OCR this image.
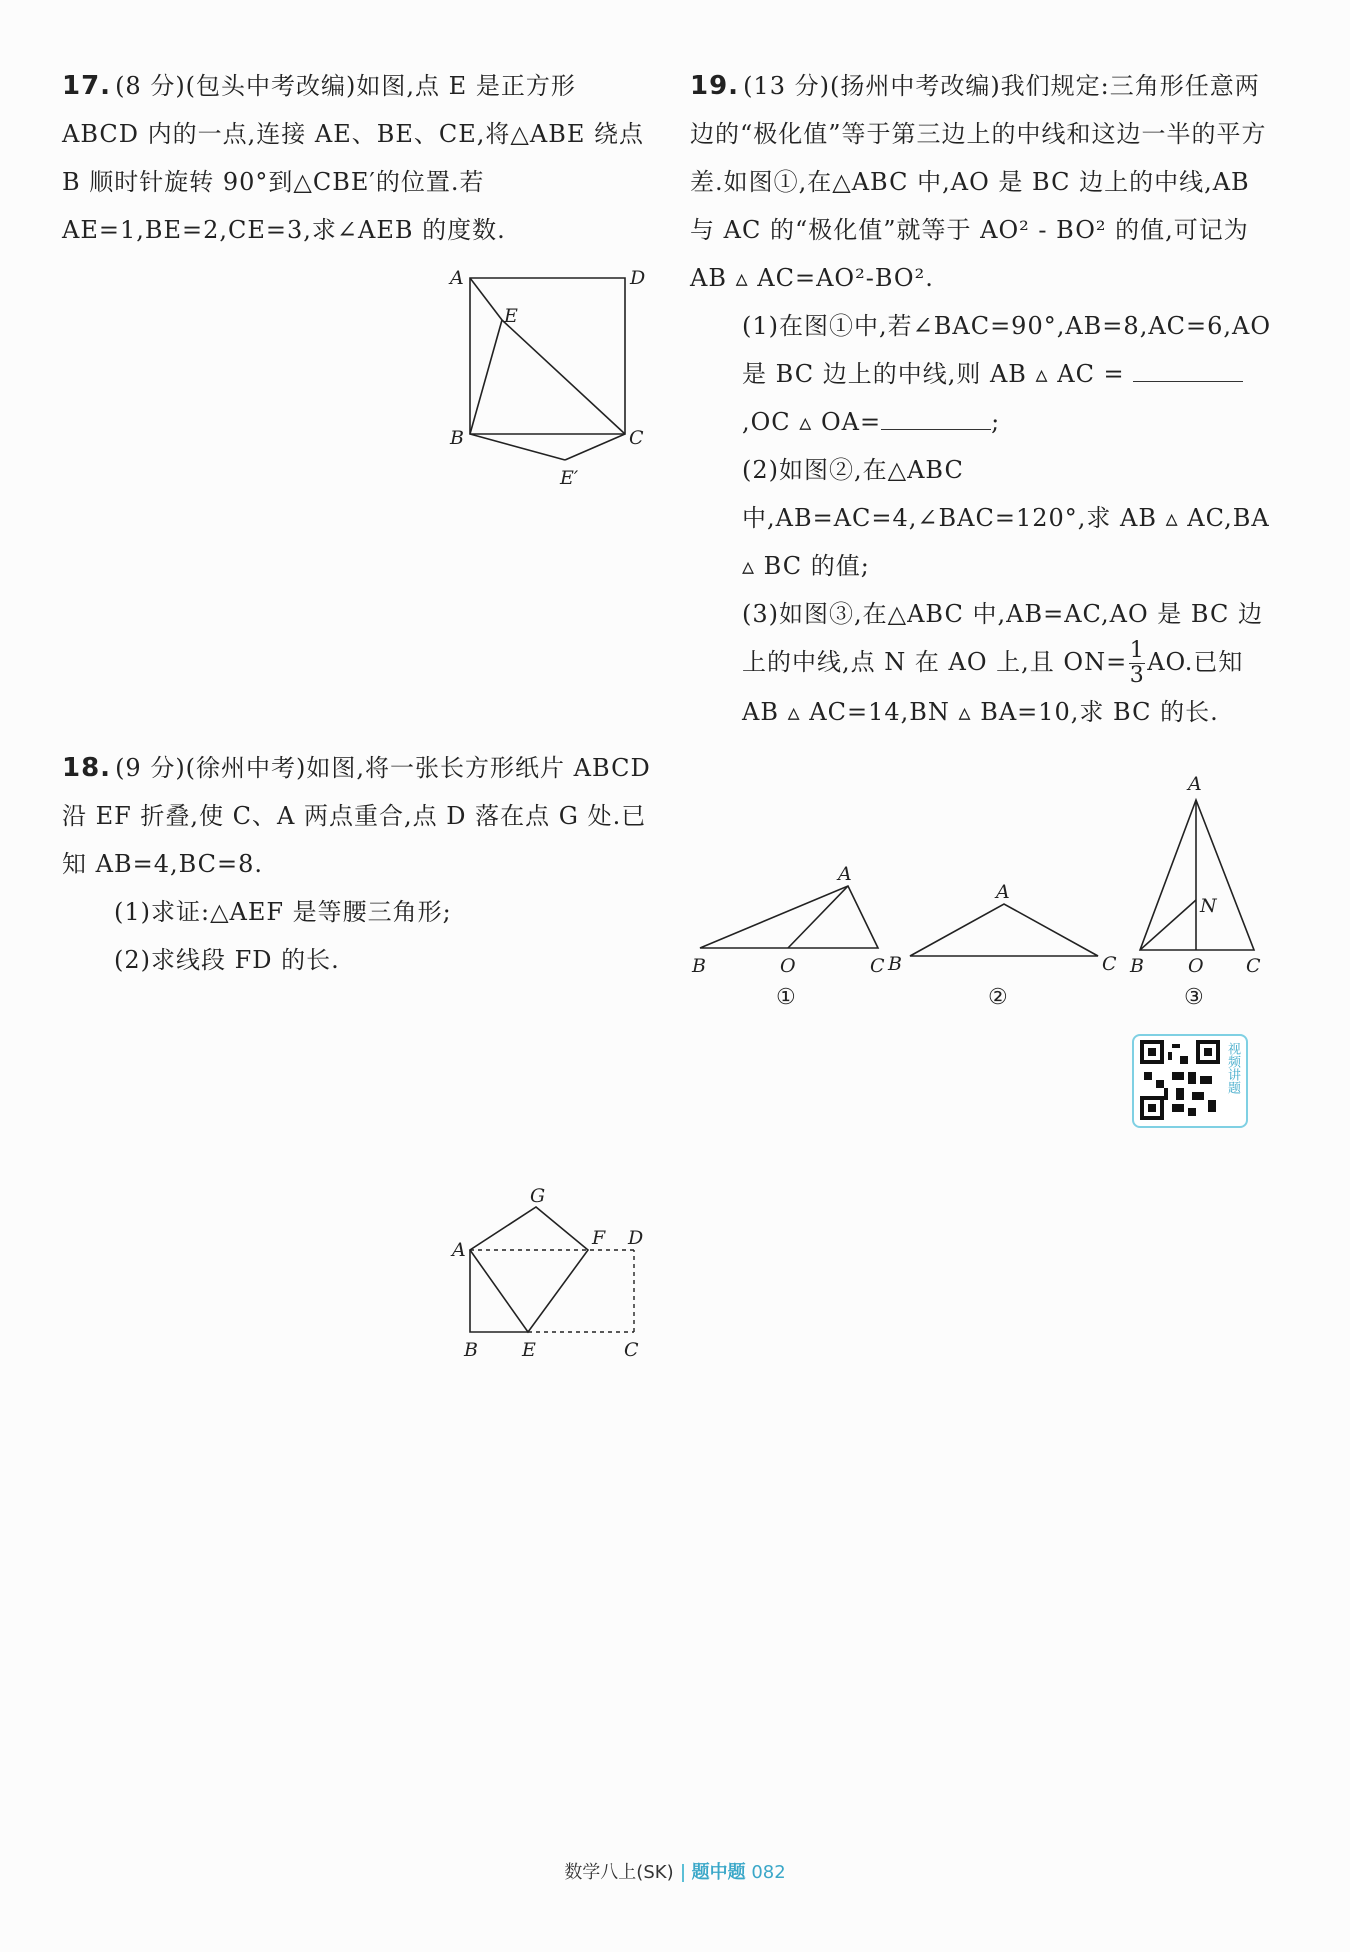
17. (8 分)(包头中考改编)如图,点 E 是正方形 ABCD 内的一点,连接 AE、BE、CE,将△ABE 绕点 B 顺时针旋转 90°到△CBE′的位置.若 AE=1,BE=2,CE=3,求∠AEB 的度数.

18. (9 分)(徐州中考)如图,将一张长方形纸片 ABCD 沿 EF 折叠,使 C、A 两点重合,点 D 落在点 G 处.已知 AB=4,BC=8.

(1)求证:△AEF 是等腰三角形;

(2)求线段 FD 的长.

19. (13 分)(扬州中考改编)我们规定:三角形任意两边的“极化值”等于第三边上的中线和这边一半的平方差.如图①,在△ABC 中,AO 是 BC 边上的中线,AB 与 AC 的“极化值”就等于 AO² - BO² 的值,可记为 AB ▵ AC=AO²-BO².

(1)在图①中,若∠BAC=90°,AB=8,AC=6,AO 是 BC 边上的中线,则 AB ▵ AC = ,OC ▵ OA=	;

(2)如图②,在△ABC 中,AB=AC=4,∠BAC=120°,求 AB ▵ AC,BA ▵ BC 的值;

(3)如图③,在△ABC 中,AB=AC,AO 是 BC 边上的中线,点 N 在 AO 上,且 $ON= \frac{1}{3}$ AO.已知 AB ▵ AC=14,BN ▵ BA=10,求 BC 的长.

A	D
E
B	C
E′
A
G
F D
B E	C
A
B	O	C
①
A
B	C
②
A
N
B O C
③
视频讲题
数学八上(SK) 题中题 082
